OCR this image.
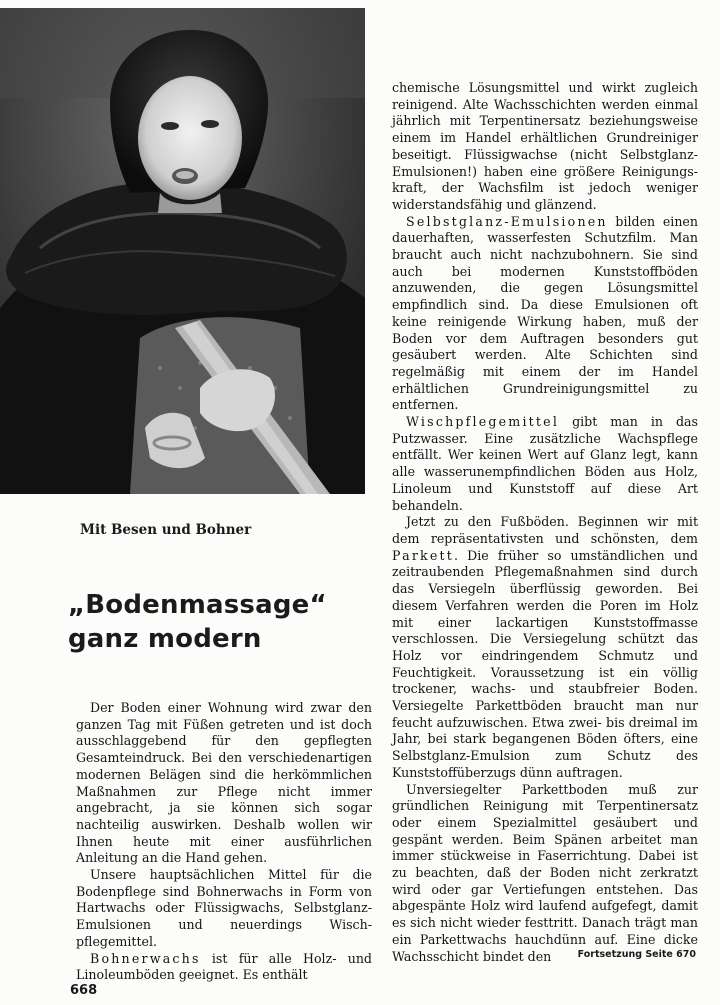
Mit Besen und Bohner
„Bodenmassage“
ganz modern

Der Boden einer Wohnung wird zwar den ganzen Tag mit Füßen getreten und ist doch ausschlaggebend für den gepflegten Gesamteindruck. Bei den verschiedenartigen modernen Belägen sind die herkömmlichen Maßnahmen zur Pflege nicht immer angebracht, ja sie können sich sogar nachteilig auswirken. Deshalb wollen wir Ihnen heute mit einer ausführlichen Anleitung an die Hand gehen.

Unsere hauptsächlichen Mittel für die Bodenpflege sind Bohnerwachs in Form von Hartwachs oder Flüssigwachs, Selbstglanz-Emulsionen und neuerdings Wischpflegemittel.

Bohnerwachs ist für alle Holz- und Linoleumböden geeignet. Es enthält

chemische Lösungsmittel und wirkt zugleich reinigend. Alte Wachsschichten werden einmal jährlich mit Terpentinersatz beziehungsweise einem im Handel erhältlichen Grundreiniger beseitigt. Flüssigwachse (nicht Selbstglanz-Emulsionen!) haben eine größere Reinigungskraft, der Wachsfilm ist jedoch weniger widerstandsfähig und glänzend.

Selbstglanz-Emulsionen bilden einen dauerhaften, wasserfesten Schutzfilm. Man braucht auch nicht nachzubohnern. Sie sind auch bei modernen Kunststoffböden anzuwenden, die gegen Lösungsmittel empfindlich sind. Da diese Emulsionen oft keine reinigende Wirkung haben, muß der Boden vor dem Auftragen besonders gut gesäubert werden. Alte Schichten sind regelmäßig mit einem der im Handel erhältlichen Grundreinigungsmittel zu entfernen.

Wischpflegemittel gibt man in das Putzwasser. Eine zusätzliche Wachspflege entfällt. Wer keinen Wert auf Glanz legt, kann alle wasserunempfindlichen Böden aus Holz, Linoleum und Kunststoff auf diese Art behandeln.

Jetzt zu den Fußböden. Beginnen wir mit dem repräsentativsten und schönsten, dem Parkett. Die früher so umständlichen und zeitraubenden Pflegemaßnahmen sind durch das Versiegeln überflüssig geworden. Bei diesem Verfahren werden die Poren im Holz mit einer lackartigen Kunststoffmasse verschlossen. Die Versiegelung schützt das Holz vor eindringendem Schmutz und Feuchtigkeit. Voraussetzung ist ein völlig trockener, wachs- und staubfreier Boden. Versiegelte Parkettböden braucht man nur feucht aufzuwischen. Etwa zwei- bis dreimal im Jahr, bei stark begangenen Böden öfters, eine Selbstglanz-Emulsion zum Schutz des Kunststoffüberzugs dünn auftragen.

Unversiegelter Parkettboden muß zur gründlichen Reinigung mit Terpentinersatz oder einem Spezialmittel gesäubert und gespänt werden. Beim Spänen arbeitet man immer stückweise in Faserrichtung. Dabei ist zu beachten, daß der Boden nicht zerkratzt wird oder gar Vertiefungen entstehen. Das abgespänte Holz wird laufend aufgefegt, damit es sich nicht wieder festtritt. Danach trägt man ein Parkettwachs hauchdünn auf. Eine dicke Wachsschicht bindet den	Fortsetzung Seite 670
668
